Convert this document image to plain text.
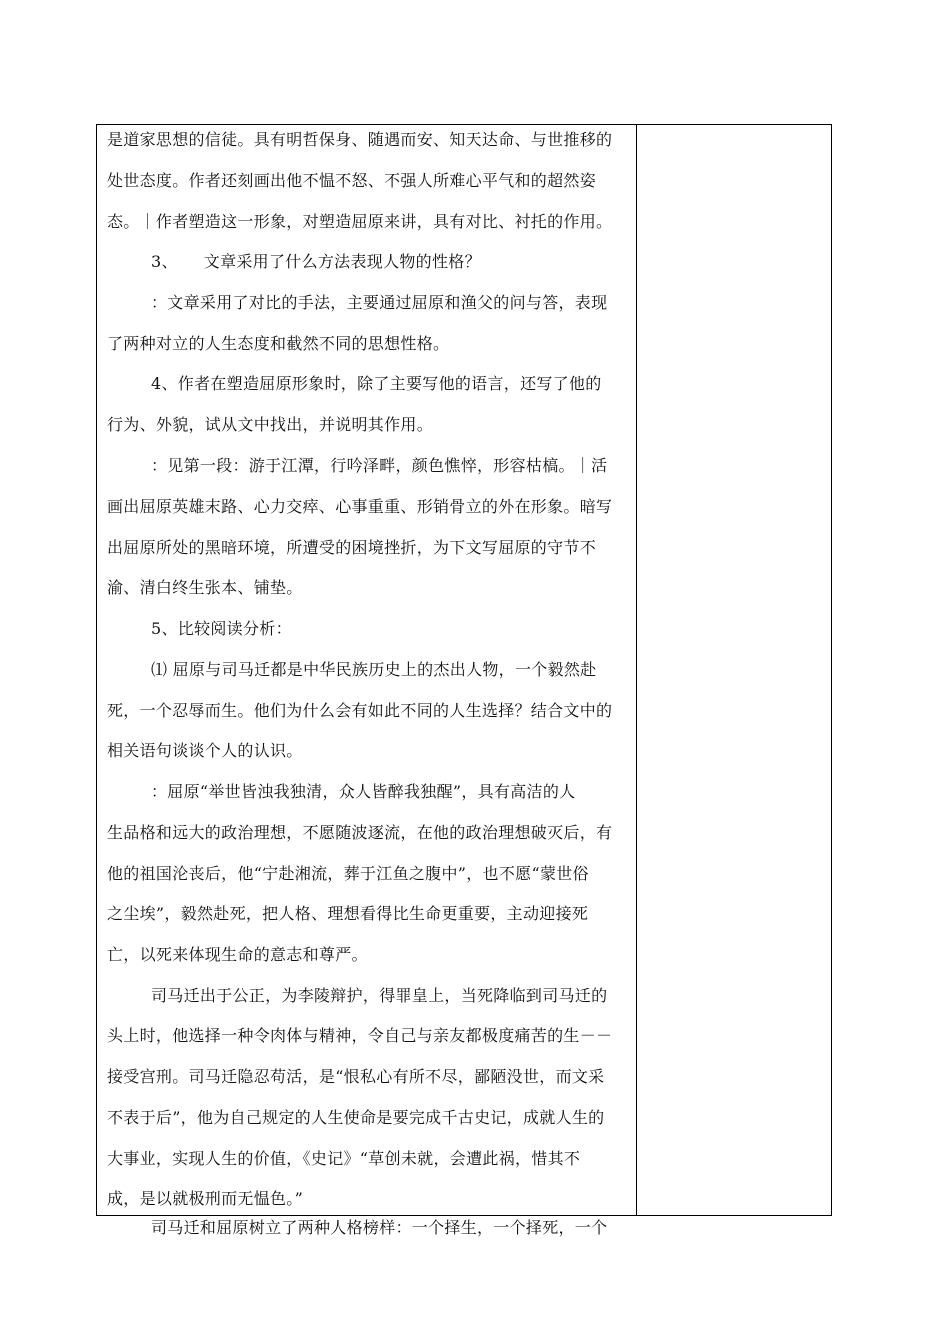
是道家思想的信徒。具有明哲保身、随遇而安、知天达命、与世推移的
处世态度。作者还刻画出他不愠不怒、不强人所难心平气和的超然姿
态。｜作者塑造这一形象，对塑造屈原来讲，具有对比、衬托的作用。
3、 文章采用了什么方法表现人物的性格？
：文章采用了对比的手法，主要通过屈原和渔父的问与答，表现
了两种对立的人生态度和截然不同的思想性格。
4、作者在塑造屈原形象时，除了主要写他的语言，还写了他的
行为、外貌，试从文中找出，并说明其作用。
：见第一段：游于江潭，行吟泽畔，颜色憔悴，形容枯槁。｜活
画出屈原英雄末路、心力交瘁、心事重重、形销骨立的外在形象。暗写
出屈原所处的黑暗环境，所遭受的困境挫折，为下文写屈原的守节不
渝、清白终生张本、铺垫。
5、比较阅读分析：
⑴ 屈原与司马迁都是中华民族历史上的杰出人物，一个毅然赴
死，一个忍辱而生。他们为什么会有如此不同的人生选择？结合文中的
相关语句谈谈个人的认识。
：屈原“举世皆浊我独清，众人皆醉我独醒”，具有高洁的人
生品格和远大的政治理想，不愿随波逐流，在他的政治理想破灭后，有
他的祖国沦丧后，他“宁赴湘流，葬于江鱼之腹中”，也不愿“蒙世俗
之尘埃”，毅然赴死，把人格、理想看得比生命更重要，主动迎接死
亡，以死来体现生命的意志和尊严。
司马迁出于公正，为李陵辩护，得罪皇上，当死降临到司马迁的
头上时，他选择一种令肉体与精神，令自己与亲友都极度痛苦的生－－
接受宫刑。司马迁隐忍苟活，是“恨私心有所不尽，鄙陋没世，而文采
不表于后”，他为自己规定的人生使命是要完成千古史记，成就人生的
大事业，实现人生的价值，《史记》“草创未就，会遭此祸，惜其不
成，是以就极刑而无愠色。”
司马迁和屈原树立了两种人格榜样：一个择生，一个择死，一个
